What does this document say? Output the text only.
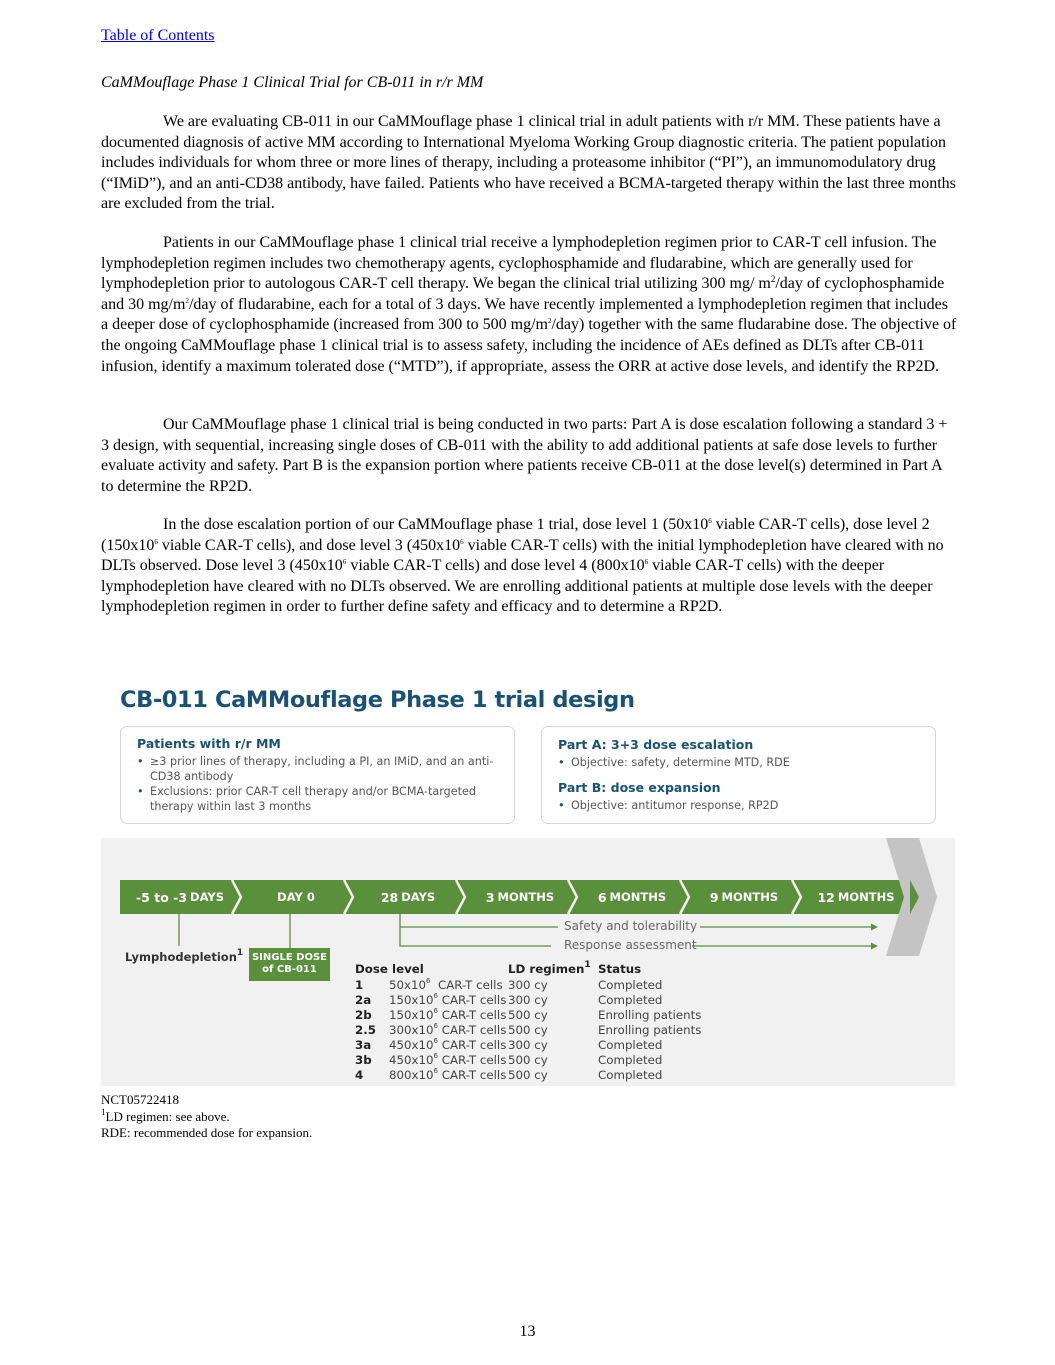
Table of Contents
CaMMouflage Phase 1 Clinical Trial for CB-011 in r/r MM

We are evaluating CB-011 in our CaMMouflage phase 1 clinical trial in adult patients with r/r MM. These patients have a documented diagnosis of active MM according to International Myeloma Working Group diagnostic criteria. The patient population includes individuals for whom three or more lines of therapy, including a proteasome inhibitor (“PI”), an immunomodulatory drug (“IMiD”), and an anti-CD38 antibody, have failed. Patients who have received a BCMA-targeted therapy within the last three months are excluded from the trial.

Patients in our CaMMouflage phase 1 clinical trial receive a lymphodepletion regimen prior to CAR-T cell infusion. The lymphodepletion regimen includes two chemotherapy agents, cyclophosphamide and fludarabine, which are generally used for lymphodepletion prior to autologous CAR-T cell therapy. We began the clinical trial utilizing 300 mg/ $m^2$/day of cyclophosphamide and 30 $mg/m^2$/day of fludarabine, each for a total of 3 days. We have recently implemented a lymphodepletion regimen that includes a deeper dose of cyclophosphamide (increased from 300 to 500 $mg/m^2/day$) together with the same fludarabine dose. The objective of the ongoing CaMMouflage phase 1 clinical trial is to assess safety, including the incidence of AEs defined as DLTs after CB-011 infusion, identify a maximum tolerated dose (“MTD”), if appropriate, assess the ORR at active dose levels, and identify the RP2D.

Our CaMMouflage phase 1 clinical trial is being conducted in two parts: Part A is dose escalation following a standard 3 + 3 design, with sequential, increasing single doses of CB-011 with the ability to add additional patients at safe dose levels to further evaluate activity and safety. Part B is the expansion portion where patients receive CB-011 at the dose level(s) determined in Part A to determine the RP2D.

In the dose escalation portion of our CaMMouflage phase 1 trial, dose level 1 ($50x10^6$ viable CAR-T cells), dose level 2 ($150x10^6$ viable CAR-T cells), and dose level 3 ($450x10^6$ viable CAR-T cells) with the initial lymphodepletion have cleared with no DLTs observed. Dose level 3 ($450x10^6$ viable CAR-T cells) and dose level 4 ($800x10^6$ viable CAR-T cells) with the deeper lymphodepletion have cleared with no DLTs observed. We are enrolling additional patients at multiple dose levels with the deeper lymphodepletion regimen in order to further define safety and efficacy and to determine a RP2D.

CB-011 CaMMouflage Phase 1 trial design
Patients with r/r MM
• ≥3 prior lines of therapy, including a PI, an IMiD, and an anti-CD38 antibody
• Exclusions: prior CAR-T cell therapy and/or BCMA-targeted therapy within last 3 months
Part A: 3+3 dose escalation
• Objective: safety, determine MTD, RDE
Part B: dose expansion
• Objective: antitumor response, RP2D
-5 to -3 DAYS	DAY 0	28 DAYS	3 MONTHS	6 MONTHS	9 MONTHS	12 MONTHS
Safety and tolerability
Response assessment
Lymphodepletion$^1$ SINGLE DOSE
of CB-011	Dose level		LD regimen$^1$	Status
1	$50x10^6$ CAR-T cells	300 cy	Completed
2a	$150x10^6$ CAR-T cells	300 cy	Completed
2b	$150x10^6$ CAR-T cells	500 cy	Enrolling patients
2.5	$300x10^6$ CAR-T cells	500 cy	Enrolling patients
3a	$450x10^6$ CAR-T cells	300 cy	Completed
3b	$450x10^6$ CAR-T cells	500 cy	Completed
4	$800x10^6$ CAR-T cells	500 cy	Completed
NCT05722418
$^1$LD regimen: see above.
RDE: recommended dose for expansion.
13
